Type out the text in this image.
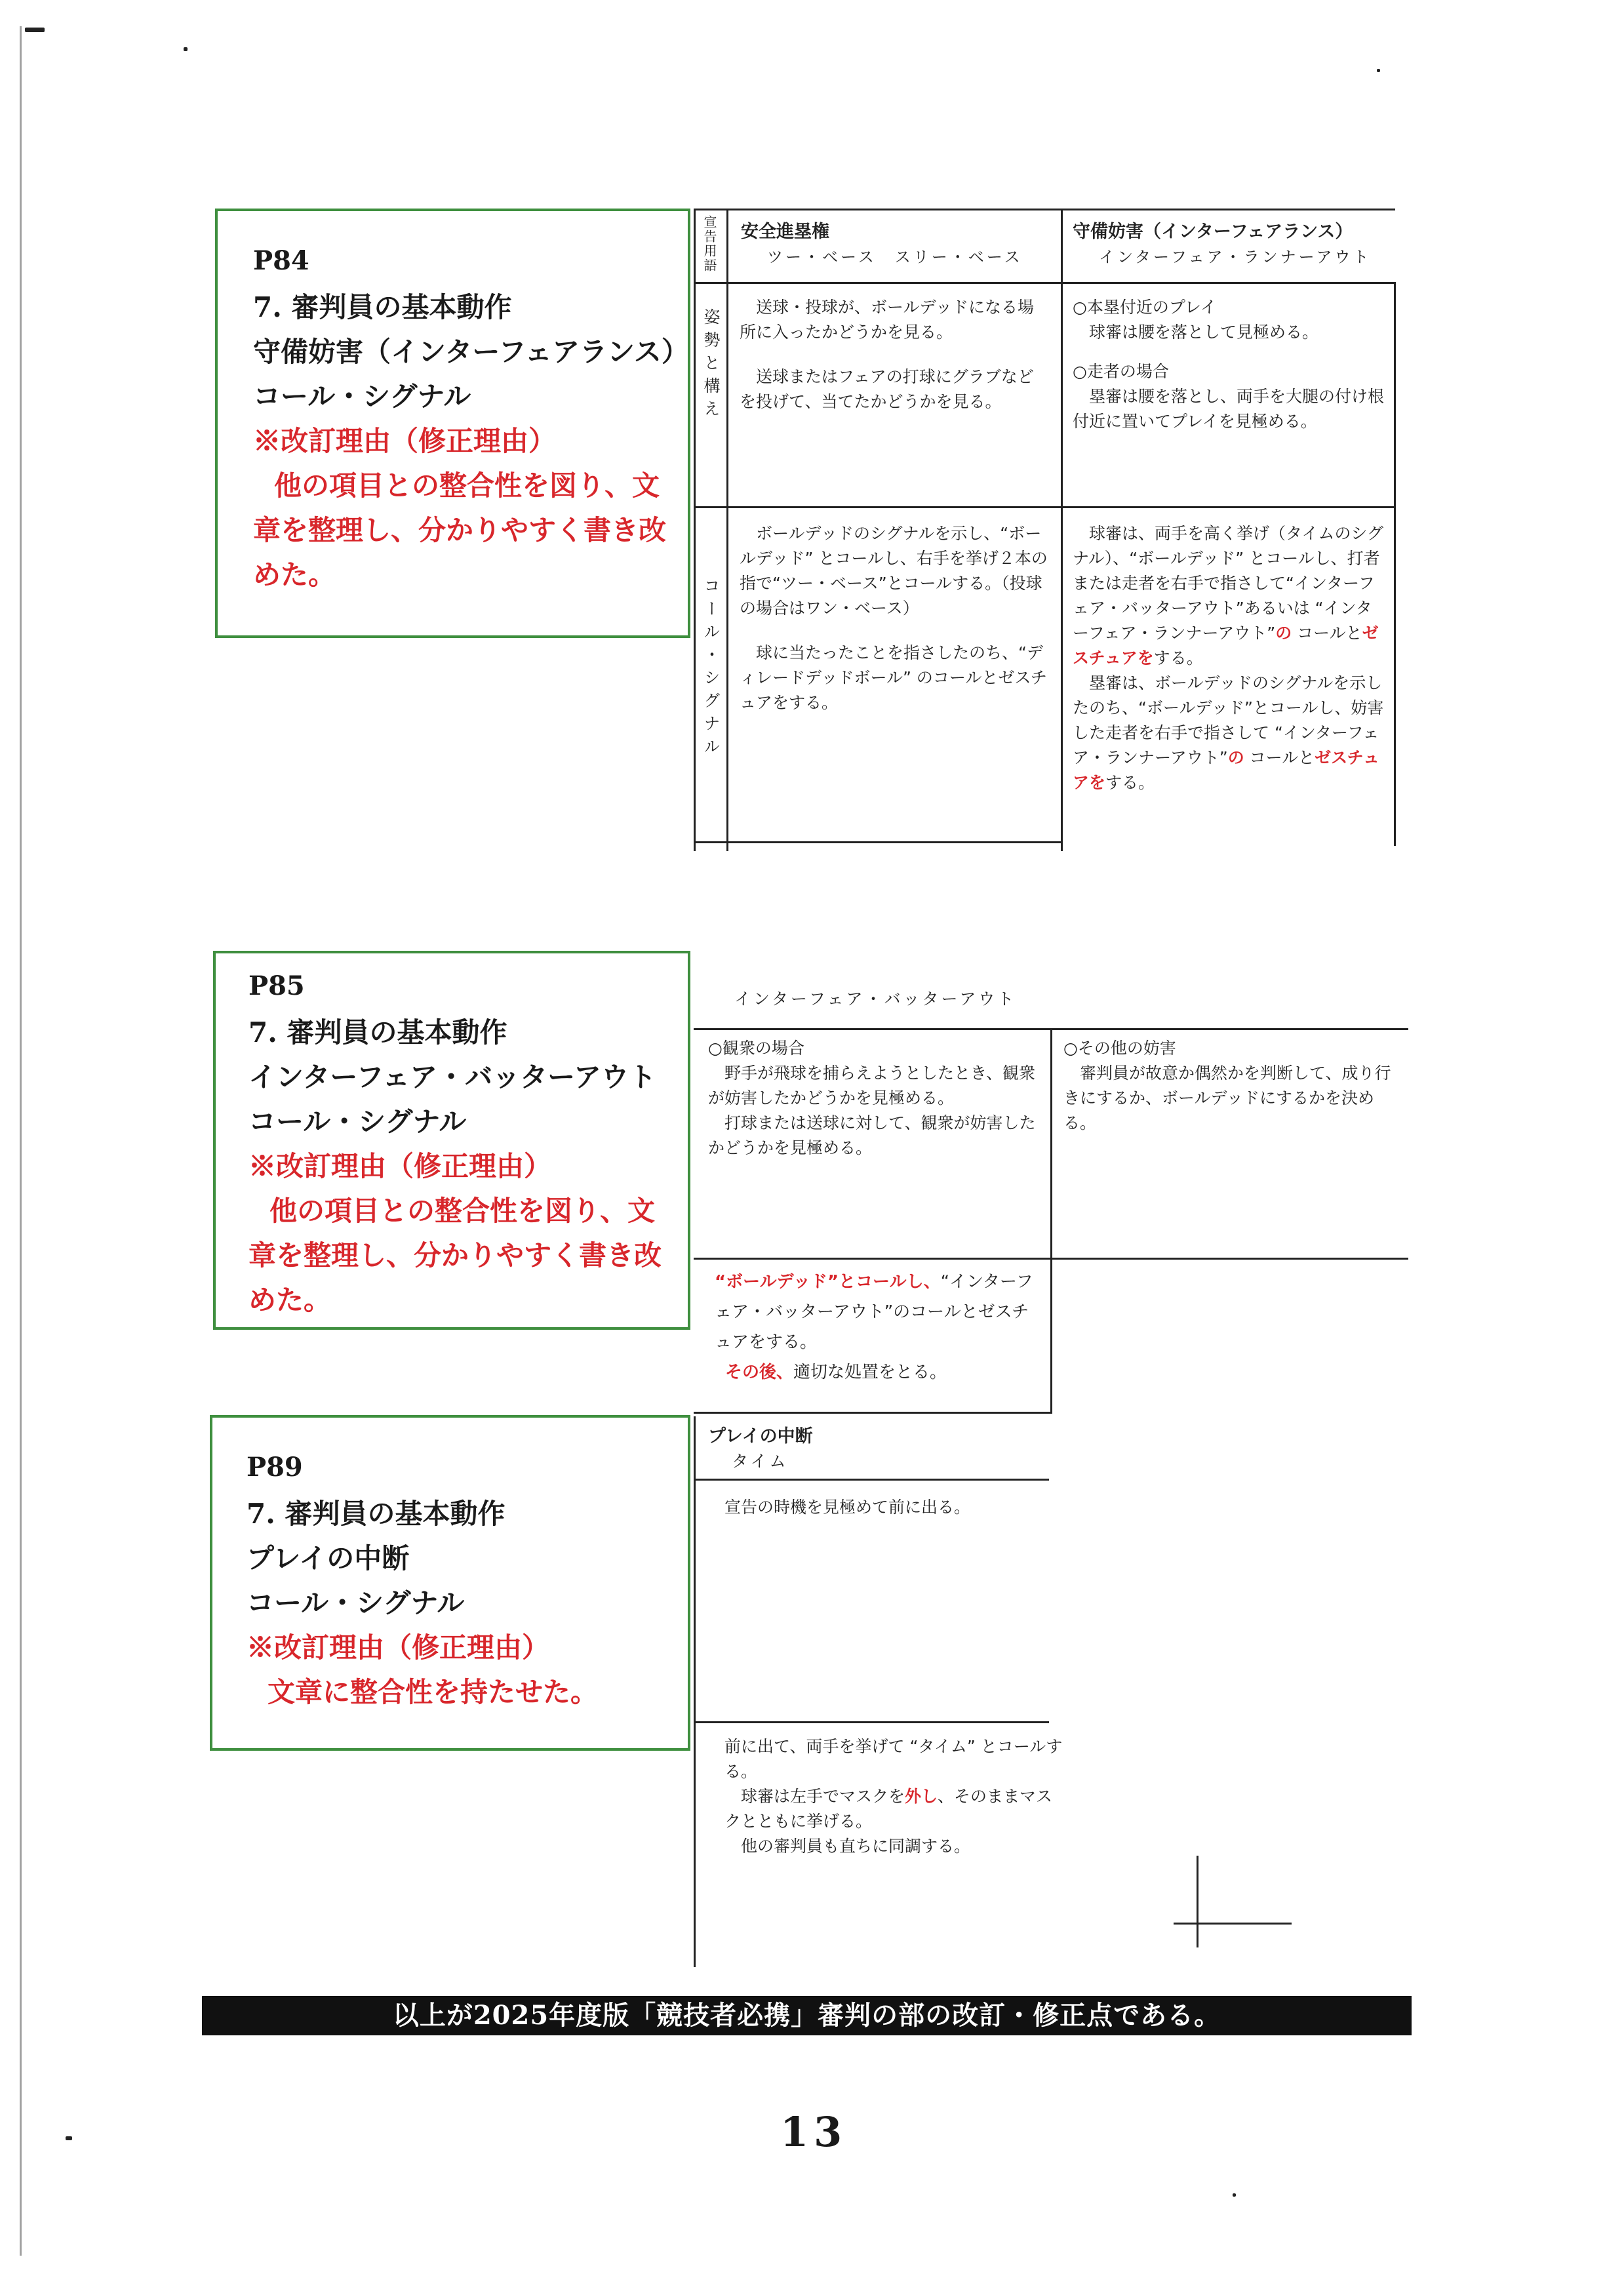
P84
7. 審判員の基本動作
守備妨害（インターフェアランス）
コール・シグナル
※改訂理由（修正理由）
他の項目との整合性を図り、文
章を整理し、分かりやすく書き改
めた。
宣告用語
姿勢と構え
コール・シグナル
安全進塁権
ツー・ベース　スリー・ベース
守備妨害（インターフェアランス）
インターフェア・ランナーアウト

送球・投球が、ボールデッドになる場所に入ったかどうかを見る。

送球またはフェアの打球にグラブなどを投げて、当てたかどうかを見る。

○本塁付近のプレイ

球審は腰を落として見極める。

○走者の場合

塁審は腰を落とし、両手を大腿の付け根付近に置いてプレイを見極める。

ボールデッドのシグナルを示し、“ボールデッド” とコールし、右手を挙げ２本の指で“ツー・ベース”とコールする。（投球の場合はワン・ベース）

球に当たったことを指さしたのち、“ディレードデッドボール” のコールとゼスチュアをする。

球審は、両手を高く挙げ（タイムのシグナル）、“ボールデッド” とコールし、打者または走者を右手で指さして“インターフェア・バッターアウト”あるいは “インターフェア・ランナーアウト”の コールとゼスチュアをする。

塁審は、ボールデッドのシグナルを示したのち、“ボールデッド”とコールし、妨害した走者を右手で指さして “インターフェア・ランナーアウト”の コールとゼスチュアをする。

P85
7. 審判員の基本動作
インターフェア・バッターアウト
コール・シグナル
※改訂理由（修正理由）
他の項目との整合性を図り、文
章を整理し、分かりやすく書き改
めた。
インターフェア・バッターアウト
○観衆の場合

野手が飛球を捕らえようとしたとき、観衆が妨害したかどうかを見極める。

打球または送球に対して、観衆が妨害したかどうかを見極める。

○その他の妨害

審判員が故意か偶然かを判断して、成り行きにするか、ボールデッドにするかを決める。

“ボールデッド”とコールし、“インターフェア・バッターアウト”のコールとゼスチュアをする。
その後、適切な処置をとる。
P89
7. 審判員の基本動作
プレイの中断
コール・シグナル
※改訂理由（修正理由）
文章に整合性を持たせた。
プレイの中断
タイム
宣告の時機を見極めて前に出る。

前に出て、両手を挙げて “タイム” とコールする。

球審は左手でマスクを外し、そのままマスクとともに挙げる。

他の審判員も直ちに同調する。

以上が2025年度版「競技者必携」審判の部の改訂・修正点である。
13
